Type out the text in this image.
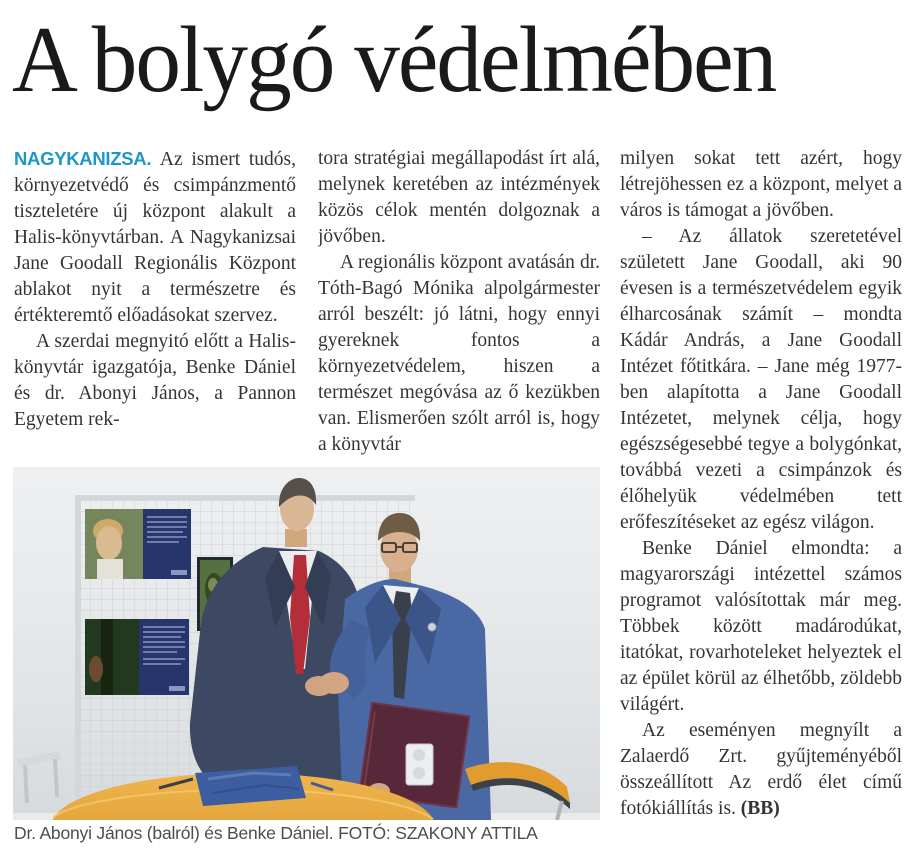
A bolygó védelmében

NAGYKANIZSA. Az ismert tudós, környezetvédő és csimpánzmentő tiszteletére új központ alakult a Halis-könyvtárban. A Nagykanizsai Jane Goodall Regionális Központ ablakot nyit a természetre és értékteremtő előadásokat szervez.

A szerdai megnyitó előtt a Halis-könyvtár igazgatója, Benke Dániel és dr. Abonyi János, a Pannon Egyetem rek-

tora stratégiai megállapodást írt alá, melynek keretében az intézmények közös célok mentén dolgoznak a jövőben.

A regionális központ avatásán dr. Tóth-Bagó Mónika alpolgármester arról beszélt: jó látni, hogy ennyi gyereknek fontos a környezetvédelem, hiszen a természet megóvása az ő kezükben van. Elismerően szólt arról is, hogy a könyvtár

milyen sokat tett azért, hogy létrejöhessen ez a központ, melyet a város is támogat a jövőben.

– Az állatok szeretetével született Jane Goodall, aki 90 évesen is a természetvédelem egyik élharcosának számít – mondta Kádár András, a Jane Goodall Intézet főtitkára. – Jane még 1977-ben alapította a Jane Goodall Intézetet, melynek célja, hogy egészségesebbé tegye a bolygónkat, továbbá vezeti a csimpánzok és élőhelyük védelmében tett erőfeszítéseket az egész világon.

Benke Dániel elmondta: a magyarországi intézettel számos programot valósítottak már meg. Többek között madárodúkat, itatókat, rovarhoteleket helyeztek el az épület körül az élhetőbb, zöldebb világért.

Az eseményen megnyílt a Zalaerdő Zrt. gyűjteményéből összeállított Az erdő élet című fotókiállítás is. (BB)

Dr. Abonyi János (balról) és Benke Dániel. FOTÓ: SZAKONY ATTILA
